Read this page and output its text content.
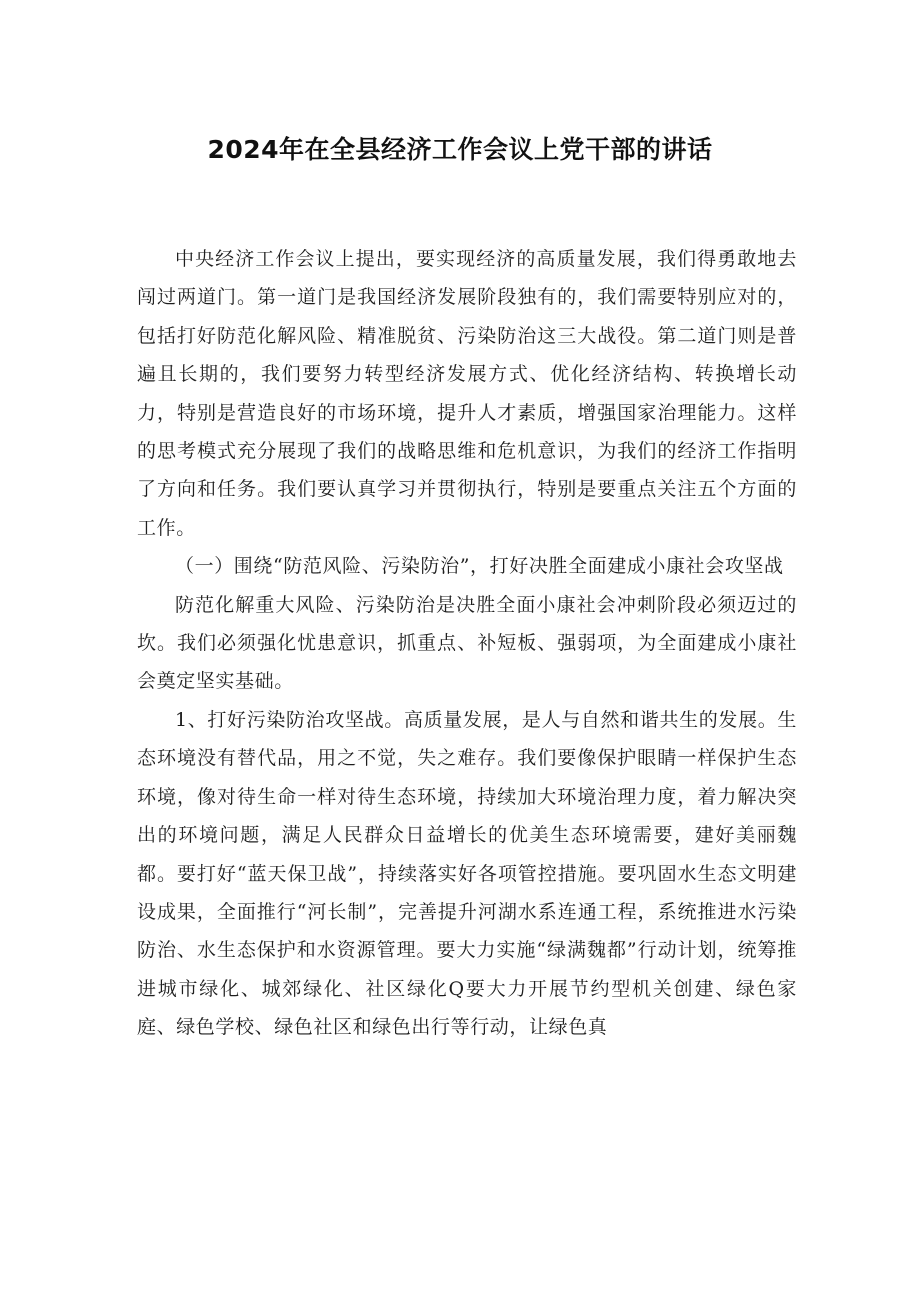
2024年在全县经济工作会议上党干部的讲话

中央经济工作会议上提出，要实现经济的高质量发展，我们得勇敢地去闯过两道门。第一道门是我国经济发展阶段独有的，我们需要特别应对的，包括打好防范化解风险、精准脱贫、污染防治这三大战役。第二道门则是普遍且长期的，我们要努力转型经济发展方式、优化经济结构、转换增长动力，特别是营造良好的市场环境，提升人才素质，增强国家治理能力。这样的思考模式充分展现了我们的战略思维和危机意识，为我们的经济工作指明了方向和任务。我们要认真学习并贯彻执行，特别是要重点关注五个方面的工作。

（一）围绕“防范风险、污染防治”，打好决胜全面建成小康社会攻坚战

防范化解重大风险、污染防治是决胜全面小康社会冲刺阶段必须迈过的坎。我们必须强化忧患意识，抓重点、补短板、强弱项，为全面建成小康社会奠定坚实基础。

1、打好污染防治攻坚战。高质量发展，是人与自然和谐共生的发展。生态环境没有替代品，用之不觉，失之难存。我们要像保护眼睛一样保护生态环境，像对待生命一样对待生态环境，持续加大环境治理力度，着力解决突出的环境问题，满足人民群众日益增长的优美生态环境需要，建好美丽魏都。要打好“蓝天保卫战”，持续落实好各项管控措施。要巩固水生态文明建设成果，全面推行“河长制”，完善提升河湖水系连通工程，系统推进水污染防治、水生态保护和水资源管理。要大力实施“绿满魏都”行动计划，统筹推进城市绿化、城郊绿化、社区绿化Q要大力开展节约型机关创建、绿色家庭、绿色学校、绿色社区和绿色出行等行动，让绿色真
